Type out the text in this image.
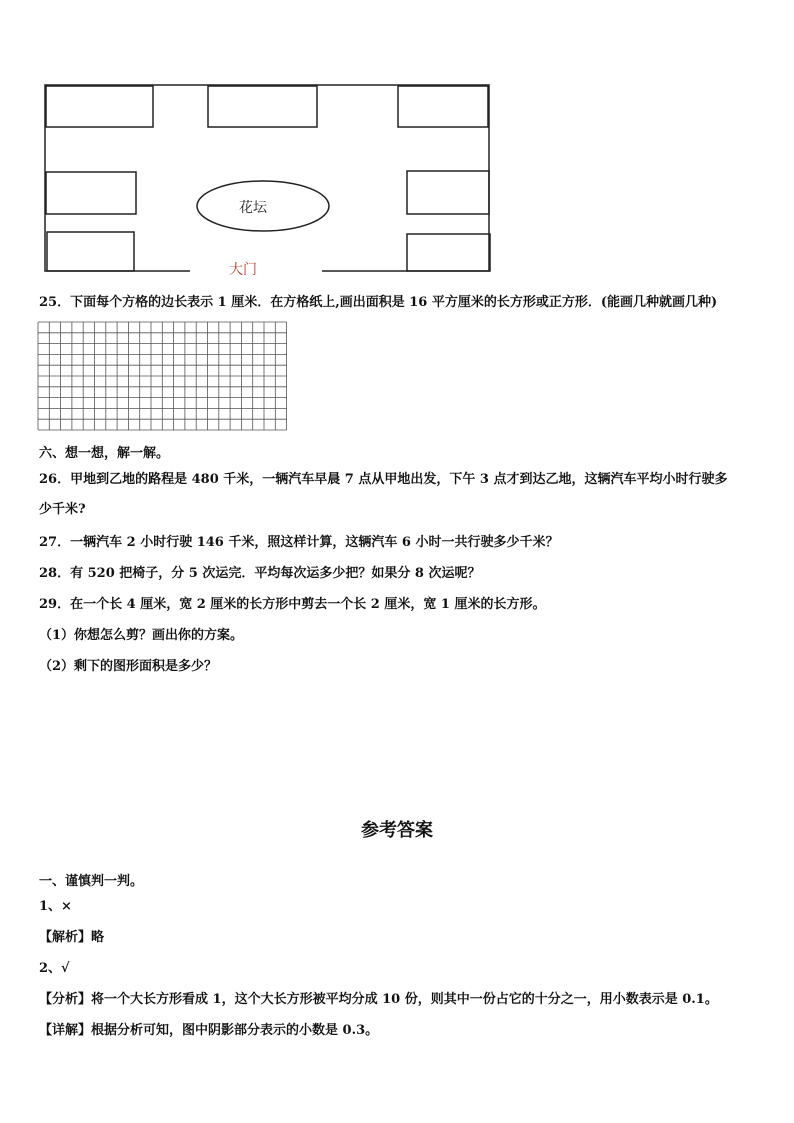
花坛
大门
25．下面每个方格的边长表示 1 厘米．在方格纸上,画出面积是 16 平方厘米的长方形或正方形．(能画几种就画几种)
六、想一想，解一解。
26．甲地到乙地的路程是 480 千米，一辆汽车早晨 7 点从甲地出发，下午 3 点才到达乙地，这辆汽车平均小时行驶多
少千米?
27．一辆汽车 2 小时行驶 146 千米，照这样计算，这辆汽车 6 小时一共行驶多少千米？
28．有 520 把椅子，分 5 次运完．平均每次运多少把？如果分 8 次运呢？
29．在一个长 4 厘米，宽 2 厘米的长方形中剪去一个长 2 厘米，宽 1 厘米的长方形。
（1）你想怎么剪？画出你的方案。
（2）剩下的图形面积是多少？
参考答案
一、谨慎判一判。
1、×
【解析】略
2、√
【分析】将一个大长方形看成 1，这个大长方形被平均分成 10 份，则其中一份占它的十分之一，用小数表示是 0.1。
【详解】根据分析可知，图中阴影部分表示的小数是 0.3。
